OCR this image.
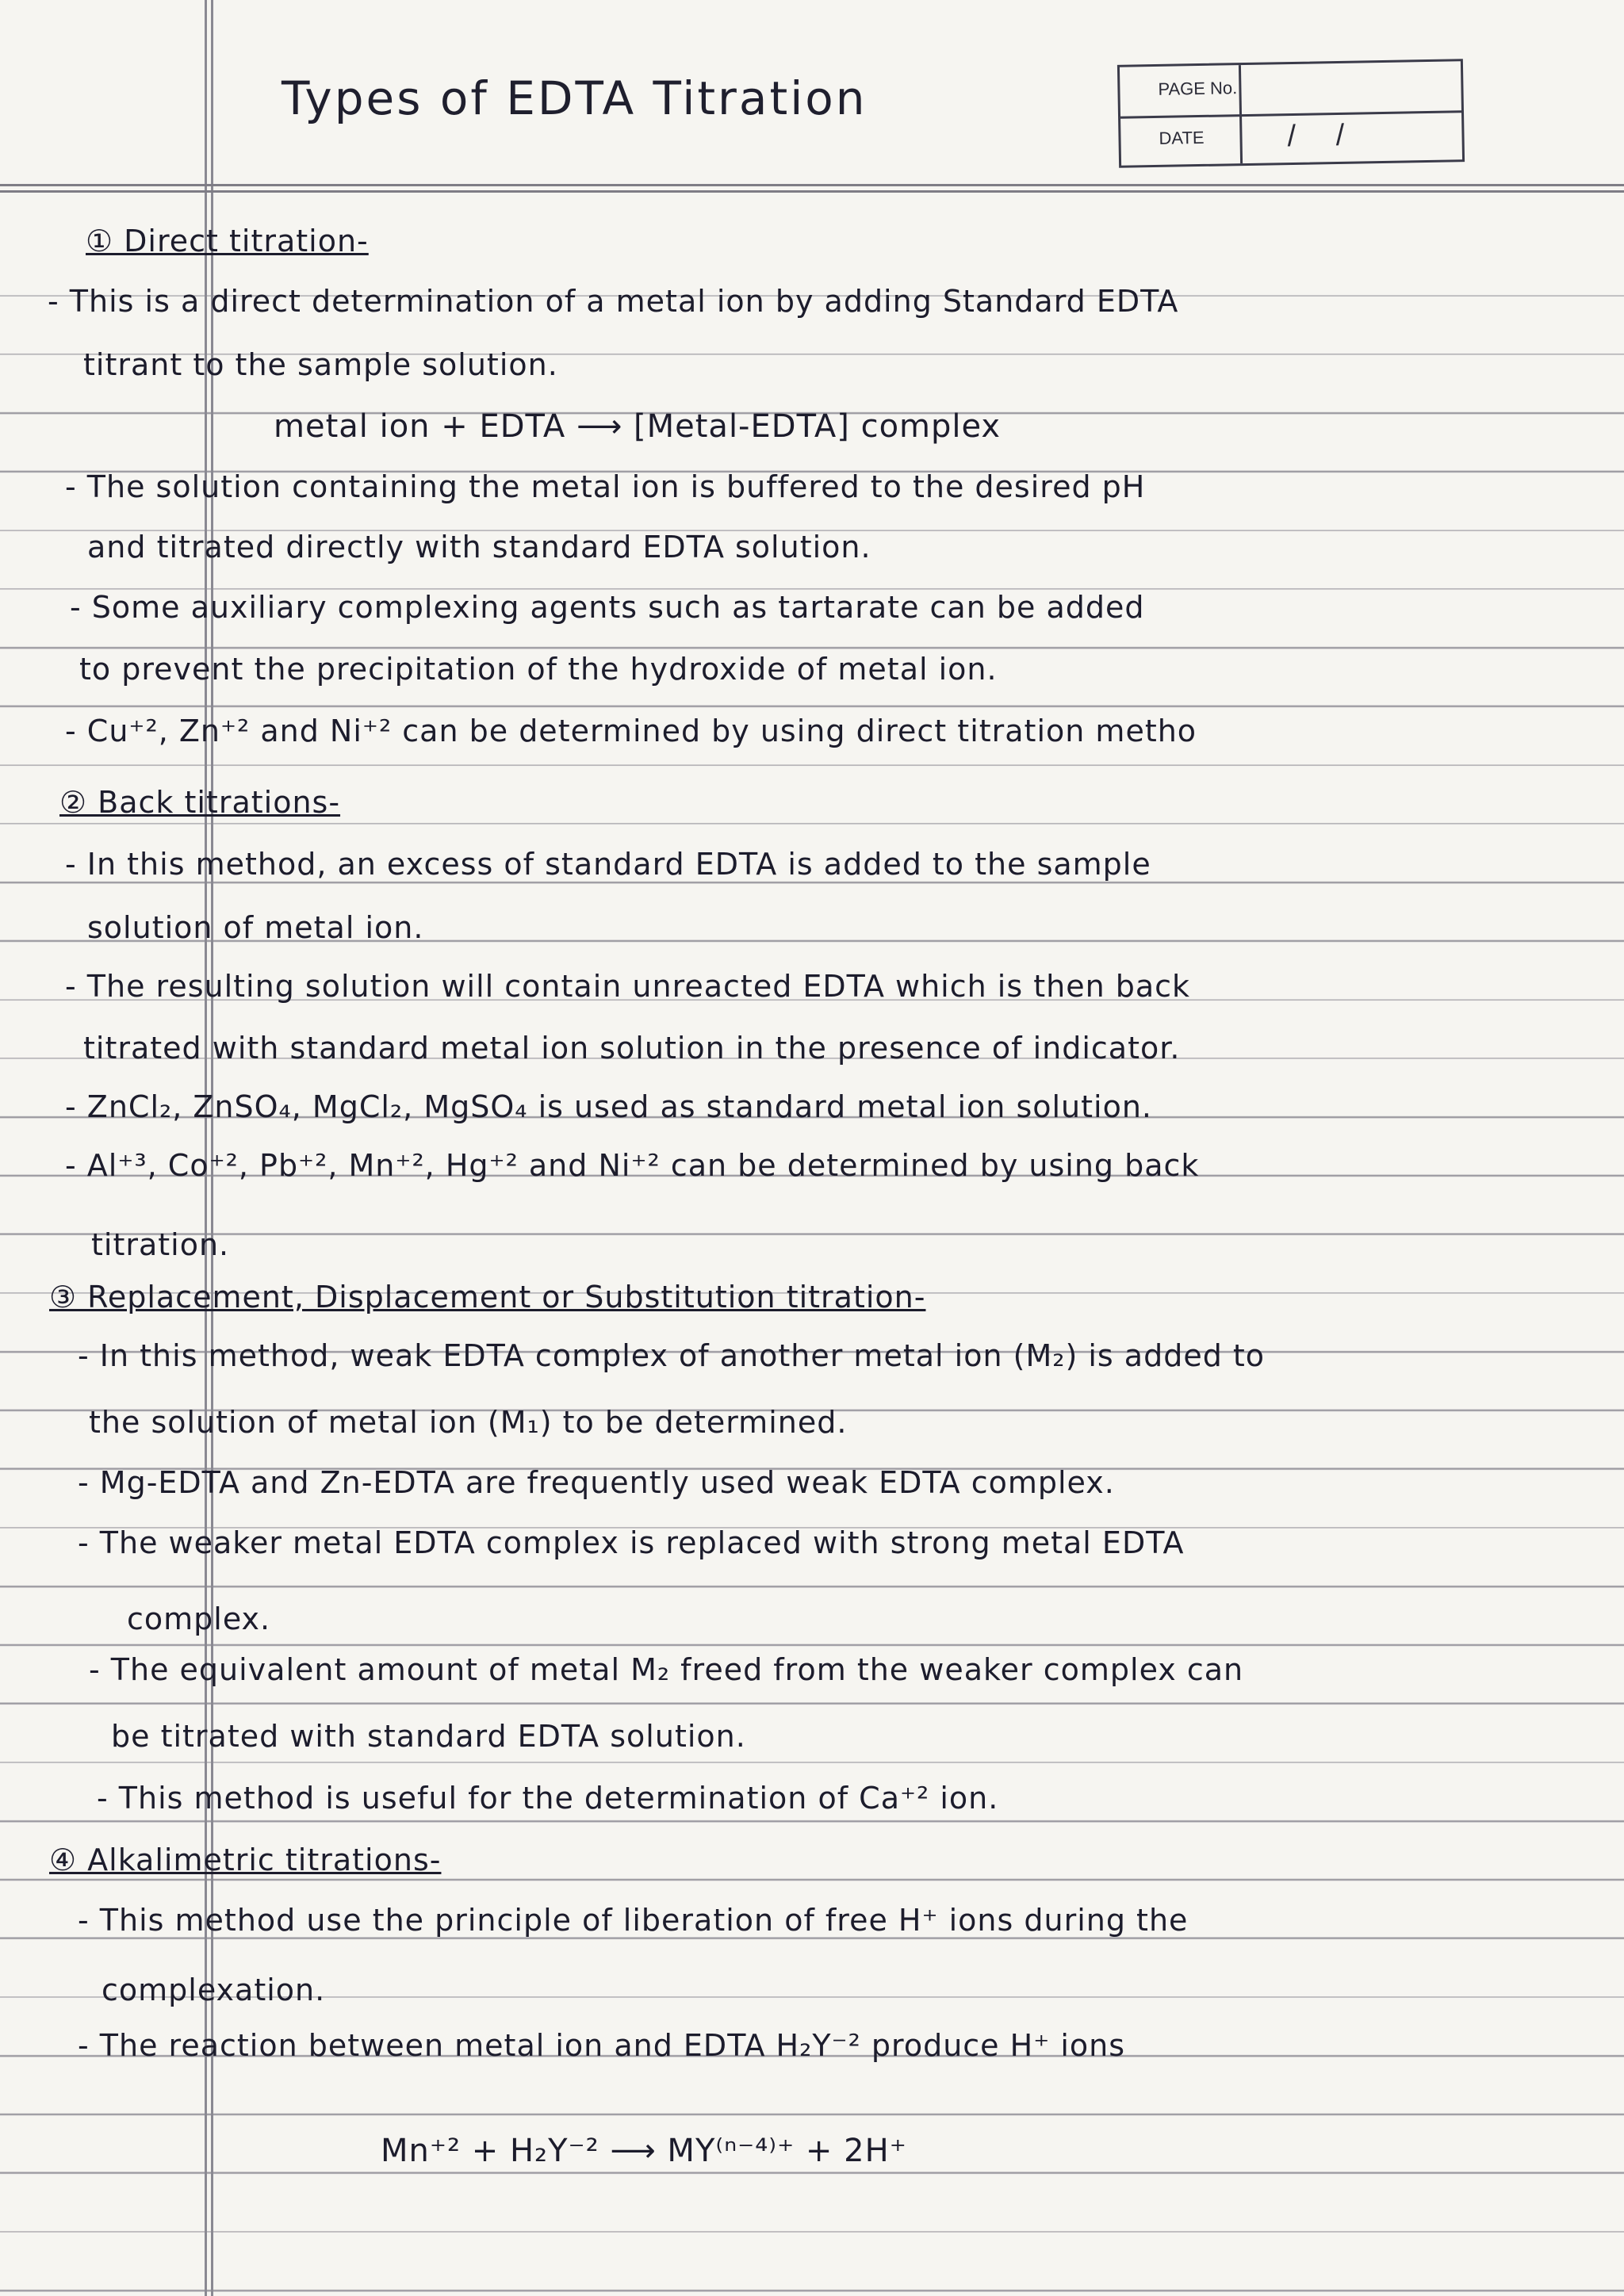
Types of EDTA Titration	PAGE No.
DATE	/ /
① Direct titration-
- This is a direct determination of a metal ion by adding Standard EDTA
titrant to the sample solution.
metal ion + EDTA ⟶ [Metal-EDTA] complex
- The solution containing the metal ion is buffered to the desired pH
and titrated directly with standard EDTA solution.
- Some auxiliary complexing agents such as tartarate can be added
to prevent the precipitation of the hydroxide of metal ion.
- Cu⁺², Zn⁺² and Ni⁺² can be determined by using direct titration metho
② Back titrations-
- In this method, an excess of standard EDTA is added to the sample
solution of metal ion.
- The resulting solution will contain unreacted EDTA which is then back
titrated with standard metal ion solution in the presence of indicator.
- ZnCl₂, ZnSO₄, MgCl₂, MgSO₄ is used as standard metal ion solution.
- Al⁺³, Co⁺², Pb⁺², Mn⁺², Hg⁺² and Ni⁺² can be determined by using back
titration.
③ Replacement, Displacement or Substitution titration-
- In this method, weak EDTA complex of another metal ion (M₂) is added to
the solution of metal ion (M₁) to be determined.
- Mg-EDTA and Zn-EDTA are frequently used weak EDTA complex.
- The weaker metal EDTA complex is replaced with strong metal EDTA
complex.
- The equivalent amount of metal M₂ freed from the weaker complex can
be titrated with standard EDTA solution.
- This method is useful for the determination of Ca⁺² ion.
④ Alkalimetric titrations-
- This method use the principle of liberation of free H⁺ ions during the
complexation.
- The reaction between metal ion and EDTA H₂Y⁻² produce H⁺ ions
Mn⁺² + H₂Y⁻² ⟶ MY⁽ⁿ⁻⁴⁾⁺ + 2H⁺
